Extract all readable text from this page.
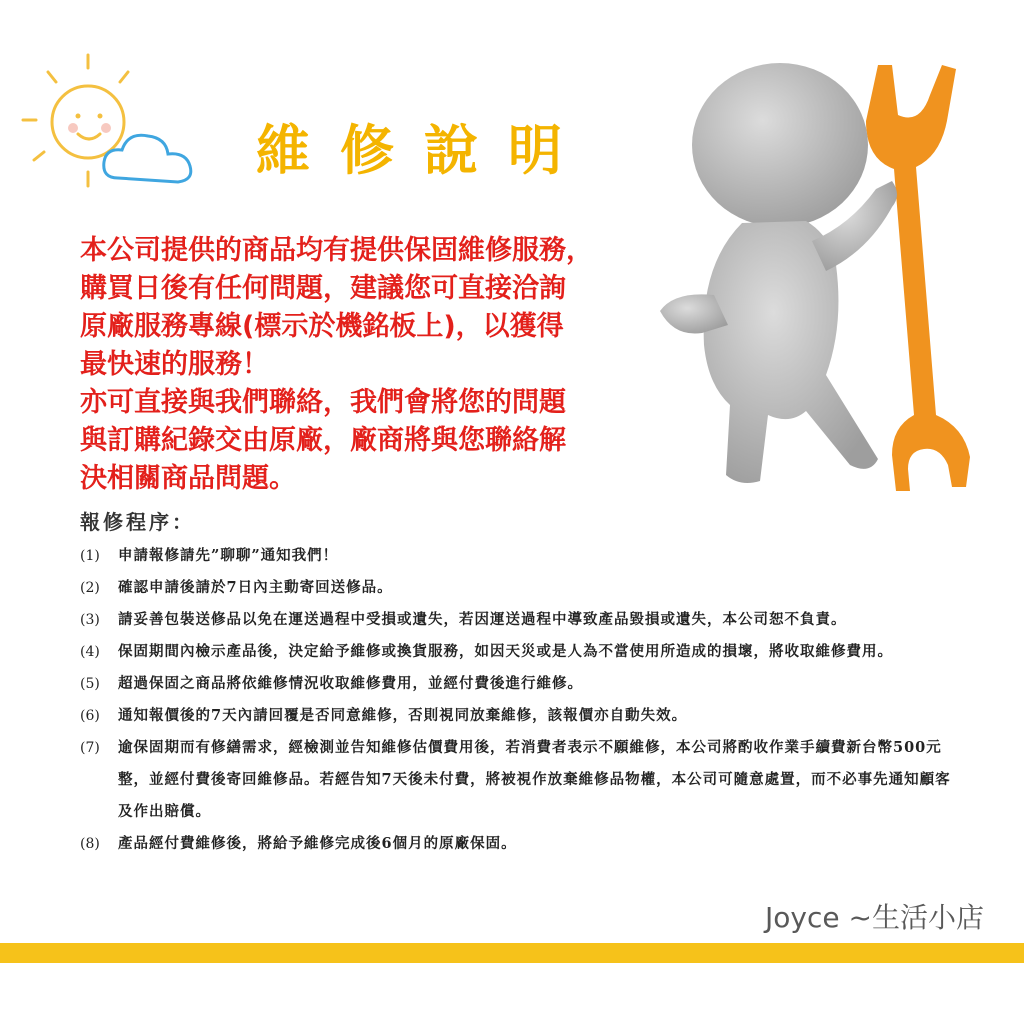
維修說明

本公司提供的商品均有提供保固維修服務，

購買日後有任何問題，建議您可直接洽詢

原廠服務專線(標示於機銘板上)，以獲得

最快速的服務！

亦可直接與我們聯絡，我們會將您的問題

與訂購紀錄交由原廠，廠商將與您聯絡解

決相關商品問題。

報修程序：
(1)	申請報修請先”聊聊”通知我們！
(2)	確認申請後請於7日內主動寄回送修品。
(3)	請妥善包裝送修品以免在運送過程中受損或遺失，若因運送過程中導致產品毀損或遺失，本公司恕不負責。
(4)	保固期間內檢示產品後，決定給予維修或換貨服務，如因天災或是人為不當使用所造成的損壞，將收取維修費用。
(5)	超過保固之商品將依維修情況收取維修費用，並經付費後進行維修。
(6)	通知報價後的7天內請回覆是否同意維修，否則視同放棄維修，該報價亦自動失效。
(7)	逾保固期而有修繕需求，經檢測並告知維修估價費用後，若消費者表示不願維修，本公司將酌收作業手續費新台幣500元整，並經付費後寄回維修品。若經告知7天後未付費，將被視作放棄維修品物權，本公司可隨意處置，而不必事先通知顧客及作出賠償。
(8)	產品經付費維修後，將給予維修完成後6個月的原廠保固。

Joyce ~生活小店
